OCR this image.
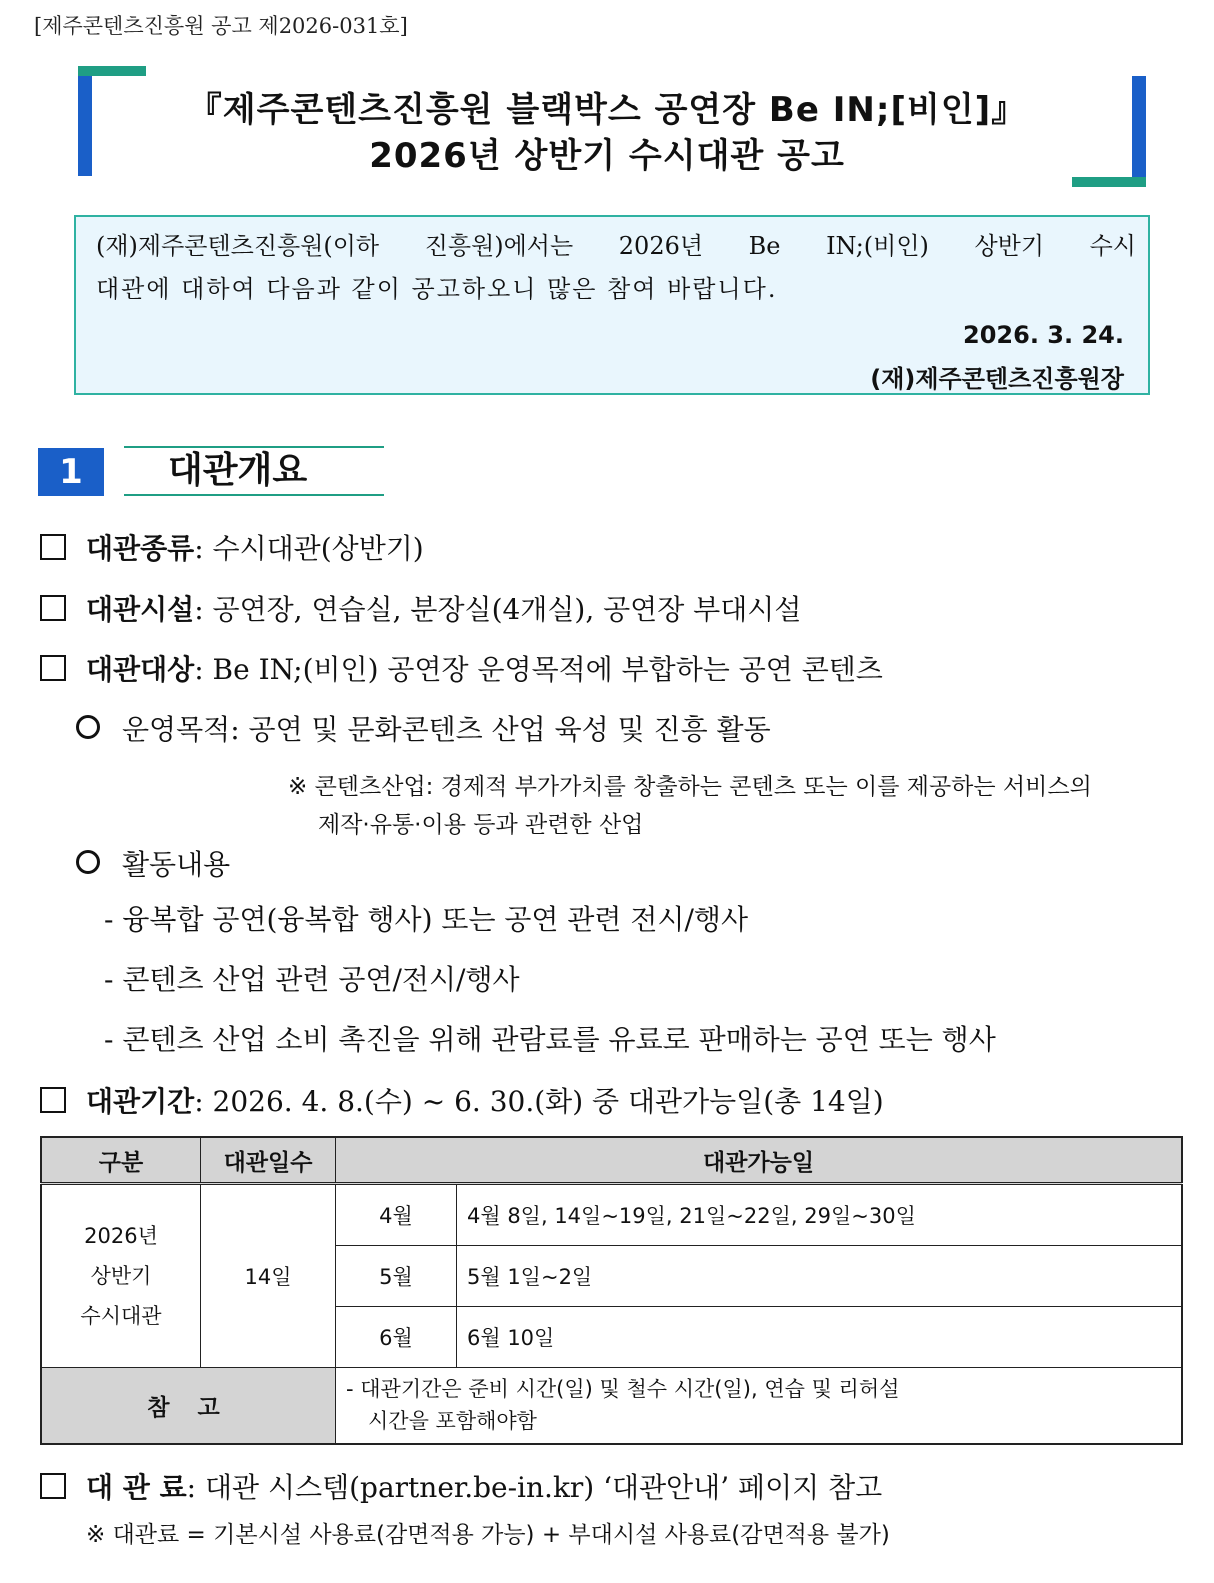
[제주콘텐츠진흥원 공고 제2026-031호]
『제주콘텐츠진흥원 블랙박스 공연장 Be IN;[비인]』
2026년 상반기 수시대관 공고
(재)제주콘텐츠진흥원(이하 진흥원)에서는 2026년 Be IN;(비인) 상반기 수시
대관에 대하여 다음과 같이 공고하오니 많은 참여 바랍니다.
2026. 3. 24.
(재)제주콘텐츠진흥원장
1	대관개요
대관종류: 수시대관(상반기)
대관시설: 공연장, 연습실, 분장실(4개실), 공연장 부대시설
대관대상: Be IN;(비인) 공연장 운영목적에 부합하는 공연 콘텐츠
운영목적: 공연 및 문화콘텐츠 산업 육성 및 진흥 활동
※ 콘텐츠산업: 경제적 부가가치를 창출하는 콘텐츠 또는 이를 제공하는 서비스의
제작·유통·이용 등과 관련한 산업
활동내용
- 융복합 공연(융복합 행사) 또는 공연 관련 전시/행사
- 콘텐츠 산업 관련 공연/전시/행사
- 콘텐츠 산업 소비 촉진을 위해 관람료를 유료로 판매하는 공연 또는 행사
대관기간: 2026. 4. 8.(수) ~ 6. 30.(화) 중 대관가능일(총 14일)
구분	대관일수	대관가능일	

2026년
상반기
수시대관	14일	4월	4월 8일, 14일~19일, 21일~22일, 29일~30일
		5월	5월 1일~2일
		6월	6월 10일
참 고		- 대관기간은 준비 시간(일) 및 철수 시간(일), 연습 및 리허설
시간을 포함해야함	
대 관 료: 대관 시스템(partner.be-in.kr) ‘대관안내’ 페이지 참고
※ 대관료 = 기본시설 사용료(감면적용 가능) + 부대시설 사용료(감면적용 불가)
